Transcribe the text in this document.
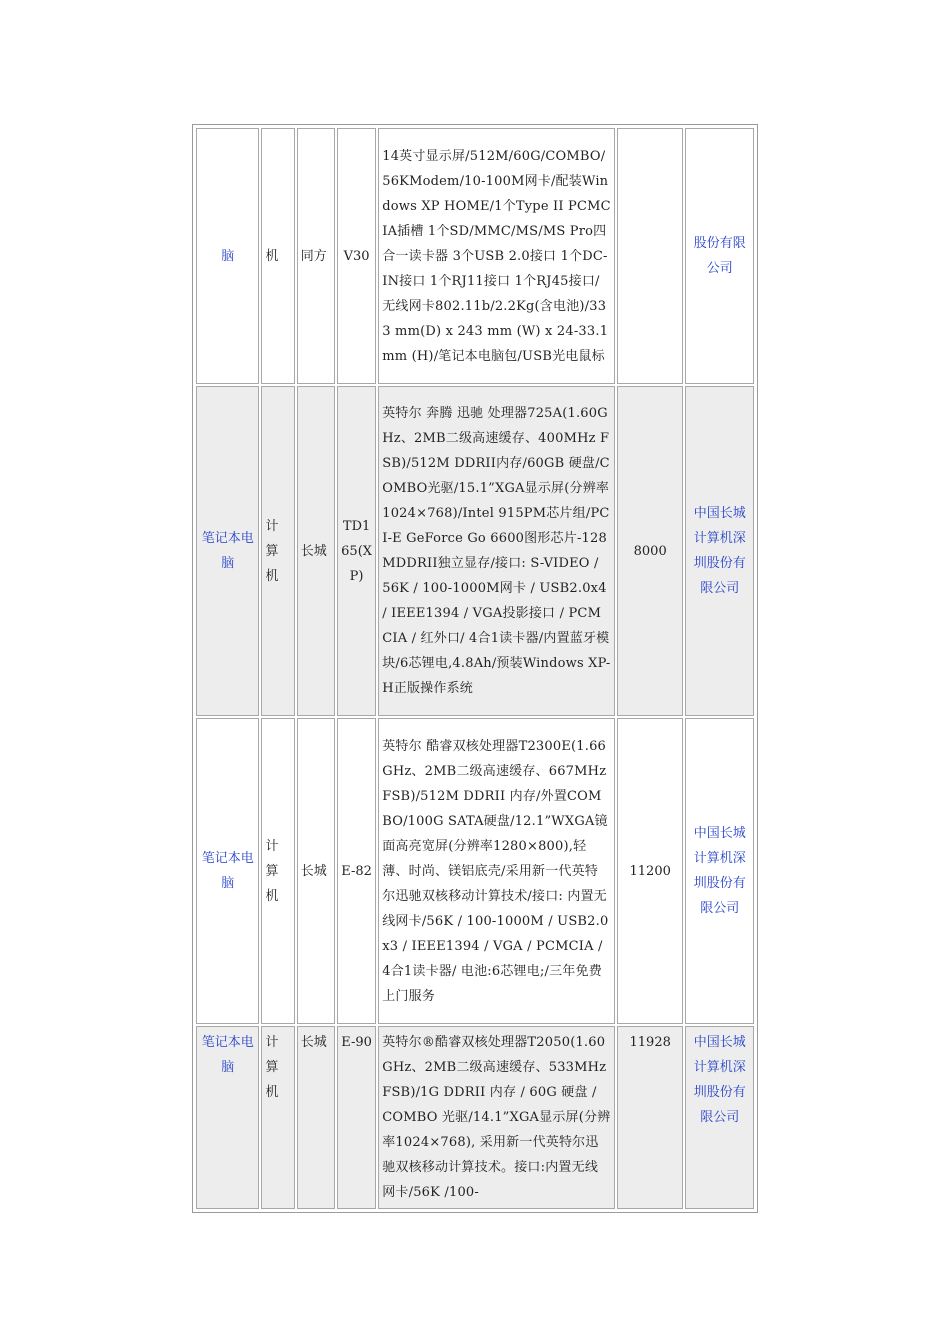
脑	机	同方	V30	14英寸显示屏/512M/60G/COMBO/56KModem/10-100M网卡/配装Windows XP HOME/1个Type II PCMCIA插槽 1个SD/MMC/MS/MS Pro四合一读卡器 3个USB 2.0接口 1个DC-IN接口 1个RJ11接口 1个RJ45接口/无线网卡802.11b/2.2Kg(含电池)/333 mm(D) x 243 mm (W) x 24-33.1 mm (H)/笔记本电脑包/USB光电鼠标		股份有限公司
笔记本电脑	计算机	长城	TD165(XP)	英特尔 奔腾 迅驰 处理器725A(1.60GHz、2MB二级高速缓存、400MHz FSB)/512M DDRII内存/60GB 硬盘/COMBO光驱/15.1”XGA显示屏(分辨率1024×768)/Intel 915PM芯片组/PCI-E GeForce Go 6600图形芯片-128MDDRII独立显存/接口: S-VIDEO / 56K / 100-1000M网卡 / USB2.0x4 / IEEE1394 / VGA投影接口 / PCMCIA / 红外口/ 4合1读卡器/内置蓝牙模块/6芯锂电,4.8Ah/预装Windows XP-H正版操作系统	8000	中国长城计算机深圳股份有限公司
笔记本电脑	计算机	长城	E-82	英特尔 酷睿双核处理器T2300E(1.66GHz、2MB二级高速缓存、667MHz FSB)/512M DDRII 内存/外置COMBO/100G SATA硬盘/12.1”WXGA镜面高亮宽屏(分辨率1280×800),轻薄、时尚、镁铝底壳/采用新一代英特尔迅驰双核移动计算技术/接口: 内置无线网卡/56K / 100-1000M / USB2.0x3 / IEEE1394 / VGA / PCMCIA /4合1读卡器/ 电池:6芯锂电;/三年免费上门服务	11200	中国长城计算机深圳股份有限公司
笔记本电脑	计算机	长城	E-90	英特尔®酷睿双核处理器T2050(1.60GHz、2MB二级高速缓存、533MHz FSB)/1G DDRII 内存 / 60G 硬盘 / COMBO 光驱/14.1”XGA显示屏(分辨率1024×768), 采用新一代英特尔迅驰双核移动计算技术。接口:内置无线网卡/56K /100-	11928	中国长城计算机深圳股份有限公司
